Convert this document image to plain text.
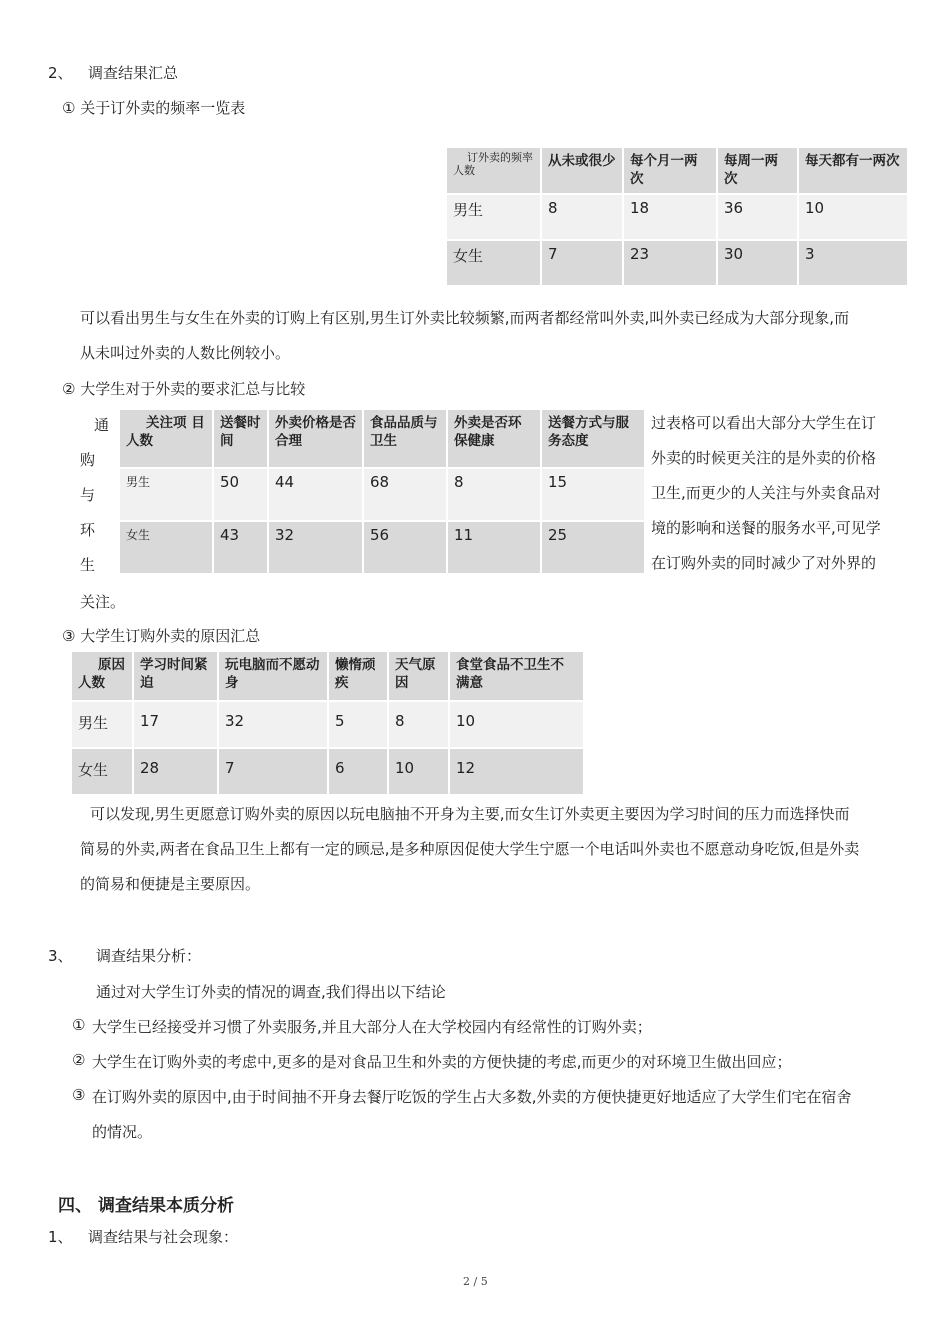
2、 调查结果汇总
① 关于订外卖的频率一览表
订外卖的频率
人数	从未或很少	每个月一两次	每周一两次	每天都有一两次
男生	8	18	36	10
女生	7	23	30	3
可以看出男生与女生在外卖的订购上有区别,男生订外卖比较频繁,而两者都经常叫外卖,叫外卖已经成为大部分现象,而
从未叫过外卖的人数比例较小。
② 大学生对于外卖的要求汇总与比较
通
购
与
环
生
关注项 目
人数	送餐时间	外卖价格是否合理	食品品质与卫生	外卖是否环保健康	送餐方式与服务态度
男生	50	44	68	8	15
女生	43	32	56	11	25
过表格可以看出大部分大学生在订
外卖的时候更关注的是外卖的价格
卫生,而更少的人关注与外卖食品对
境的影响和送餐的服务水平,可见学
在订购外卖的同时减少了对外界的
关注。
③ 大学生订购外卖的原因汇总
原因
人数	学习时间紧迫	玩电脑而不愿动身	懒惰顽疾	天气原因	食堂食品不卫生不满意
男生	17	32	5	8	10
女生	28	7	6	10	12
可以发现,男生更愿意订购外卖的原因以玩电脑抽不开身为主要,而女生订外卖更主要因为学习时间的压力而选择快而
简易的外卖,两者在食品卫生上都有一定的顾忌,是多种原因促使大学生宁愿一个电话叫外卖也不愿意动身吃饭,但是外卖
的简易和便捷是主要原因。
3、 调查结果分析：
通过对大学生订外卖的情况的调查,我们得出以下结论
① 大学生已经接受并习惯了外卖服务,并且大部分人在大学校园内有经常性的订购外卖；
② 大学生在订购外卖的考虑中,更多的是对食品卫生和外卖的方便快捷的考虑,而更少的对环境卫生做出回应；
③ 在订购外卖的原因中,由于时间抽不开身去餐厅吃饭的学生占大多数,外卖的方便快捷更好地适应了大学生们宅在宿舍
的情况。
四、 调查结果本质分析
1、 调查结果与社会现象：
2 / 5
